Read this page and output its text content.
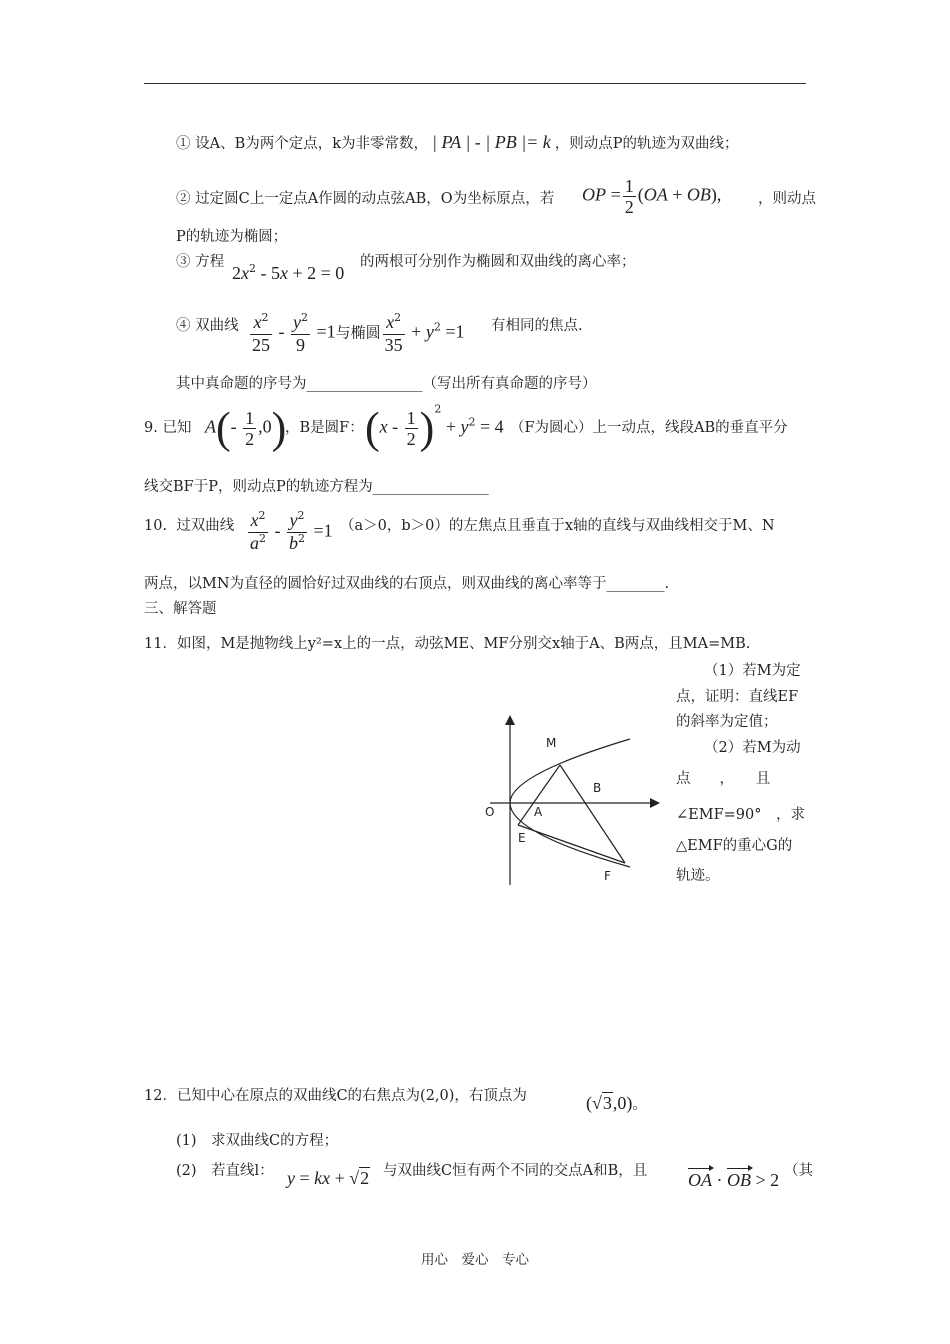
① 设A、B为两个定点，k为非零常数， | PA | - | PB |= k ，则动点P的轨迹为双曲线；
② 过定圆C上一定点A作圆的动点弦AB，O为坐标原点，若 OP = $\frac{1}{2} (OA + OB)$,	，则动点
P的轨迹为椭圆；
③ 方程
$2x^2 - 5x + 2 = 0$
的两根可分别作为椭圆和双曲线的离心率；
④ 双曲线 $\frac{x^2}{25} - \frac{y^2}{9} =1$与椭圆 $\frac{x^2}{35} + y^2 =1$ 有相同的焦点.
其中真命题的序号为________________（写出所有真命题的序号）
9. 已知 $A(- \frac{1}{2} ,0)$
，B是圆F： $(x - \frac{1}{2} )^2 + y^2 = 4$ （F为圆心）上一动点，线段AB的垂直平分
线交BF于P，则动点P的轨迹方程为________________
10. 过双曲线 $\frac{x^2}{a^2} - \frac{y^2}{b^2} =1$ （a＞0，b＞0）的左焦点且垂直于x轴的直线与双曲线相交于M、N
两点，以MN为直径的圆恰好过双曲线的右顶点，则双曲线的离心率等于________.
三、解答题
11．如图，M是抛物线上y²=x上的一点，动弦ME、MF分别交x轴于A、B两点，且MA=MB.
（1）若M为定
点，证明：直线EF
的斜率为定值；
（2）若M为动
点　　，　　且
∠EMF=90°　，求
△EMF的重心G的
轨迹。
M
B
O	A
E
F
12．已知中心在原点的双曲线C的右焦点为(2,0)，右顶点为	(√3,0)。
(1)　求双曲线C的方程；
(2)　若直线l： y = kx + √2 与双曲线C恒有两个不同的交点A和B，且 OA · OB > 2 （其
用心　爱心　专心
